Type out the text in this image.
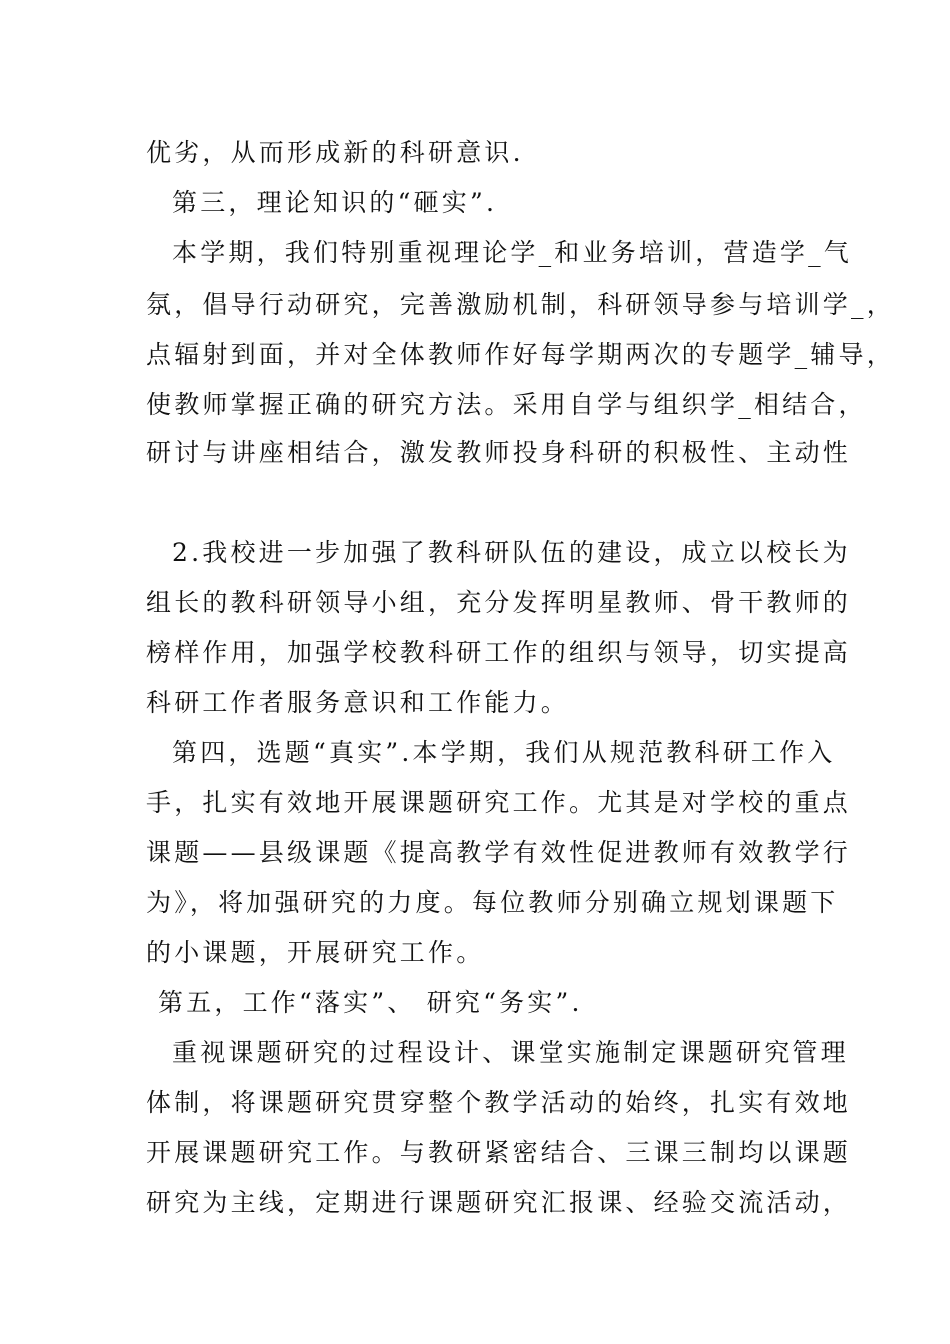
优劣，从而形成新的科研意识.
第三，理论知识的“砸实”.
本学期，我们特别重视理论学_和业务培训，营造学_气
氛，倡导行动研究，完善激励机制，科研领导参与培训学_，
点辐射到面，并对全体教师作好每学期两次的专题学_辅导，
使教师掌握正确的研究方法。采用自学与组织学_相结合，
研讨与讲座相结合，激发教师投身科研的积极性、主动性
2.我校进一步加强了教科研队伍的建设，成立以校长为
组长的教科研领导小组，充分发挥明星教师、骨干教师的
榜样作用，加强学校教科研工作的组织与领导，切实提高
科研工作者服务意识和工作能力。
第四，选题“真实”.本学期，我们从规范教科研工作入
手，扎实有效地开展课题研究工作。尤其是对学校的重点
课题——县级课题《提高教学有效性促进教师有效教学行
为》，将加强研究的力度。每位教师分别确立规划课题下
的小课题，开展研究工作。
第五，工作“落实”、 研究“务实”.
重视课题研究的过程设计、课堂实施制定课题研究管理
体制，将课题研究贯穿整个教学活动的始终，扎实有效地
开展课题研究工作。与教研紧密结合、三课三制均以课题
研究为主线，定期进行课题研究汇报课、经验交流活动，
